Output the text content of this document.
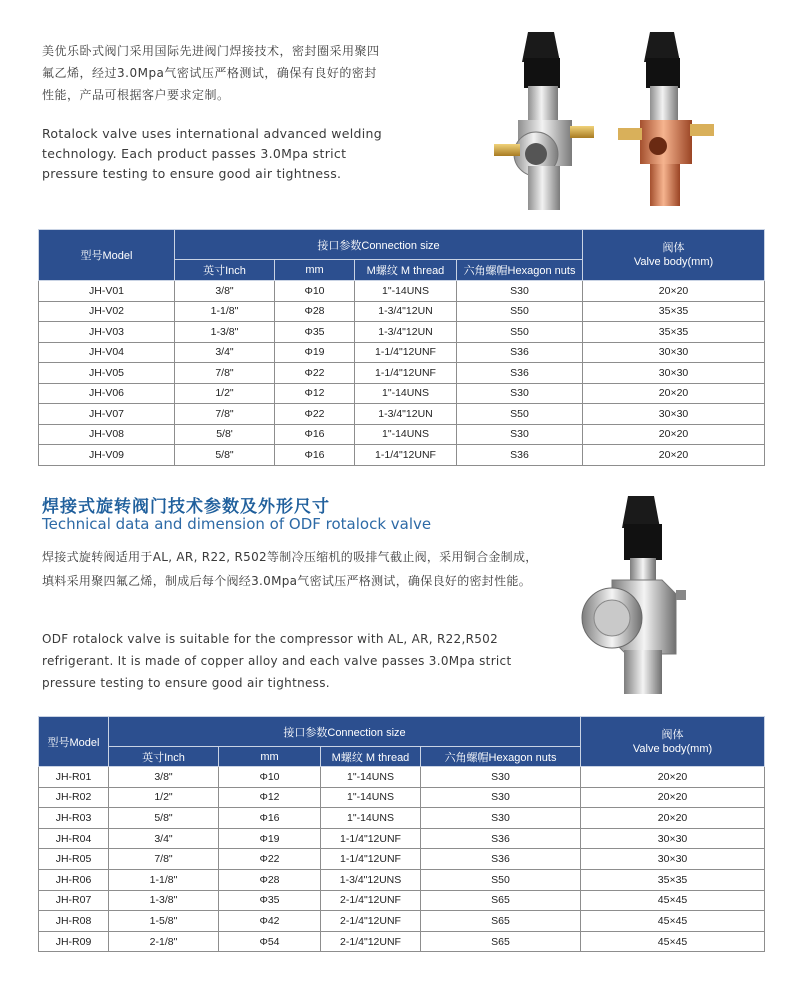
美优乐卧式阀门采用国际先进阀门焊接技术，密封圈采用聚四氟乙烯，经过3.0Mpa气密试压严格测试，确保有良好的密封性能，产品可根据客户要求定制。
Rotalock valve uses international advanced welding technology. Each product passes 3.0Mpa strict pressure testing to ensure good air tightness.
型号Model	接口参数Connection size				阀体
Valve body(mm)

	英寸Inch	mm	M螺纹 M thread	六角螺帽Hexagon nuts	
JH-V01	3/8"	Φ10	1"-14UNS	S30	20×20
JH-V02	1-1/8"	Φ28	1-3/4"12UN	S50	35×35
JH-V03	1-3/8"	Φ35	1-3/4"12UN	S50	35×35
JH-V04	3/4"	Φ19	1-1/4"12UNF	S36	30×30
JH-V05	7/8"	Φ22	1-1/4"12UNF	S36	30×30
JH-V06	1/2"	Φ12	1"-14UNS	S30	20×20
JH-V07	7/8"	Φ22	1-3/4"12UN	S50	30×30
JH-V08	5/8'	Φ16	1"-14UNS	S30	20×20
JH-V09	5/8"	Φ16	1-1/4"12UNF	S36	20×20
焊接式旋转阀门技术参数及外形尺寸
Technical data and dimension of ODF rotalock valve
焊接式旋转阀适用于AL, AR, R22, R502等制冷压缩机的吸排气截止阀，采用铜合金制成，填料采用聚四氟乙烯，制成后每个阀经3.0Mpa气密试压严格测试，确保良好的密封性能。
ODF rotalock valve is suitable for the compressor with AL, AR, R22,R502 refrigerant. It is made of copper alloy and each valve passes 3.0Mpa strict pressure testing to ensure good air tightness.
型号Model	接口参数Connection size				阀体
Valve body(mm)

	英寸Inch	mm	M螺纹 M thread	六角螺帽Hexagon nuts	
JH-R01	3/8"	Φ10	1"-14UNS	S30	20×20
JH-R02	1/2"	Φ12	1"-14UNS	S30	20×20
JH-R03	5/8"	Φ16	1"-14UNS	S30	20×20
JH-R04	3/4"	Φ19	1-1/4"12UNF	S36	30×30
JH-R05	7/8"	Φ22	1-1/4"12UNF	S36	30×30
JH-R06	1-1/8"	Φ28	1-3/4"12UNS	S50	35×35
JH-R07	1-3/8"	Φ35	2-1/4"12UNF	S65	45×45
JH-R08	1-5/8"	Φ42	2-1/4"12UNF	S65	45×45
JH-R09	2-1/8"	Φ54	2-1/4"12UNF	S65	45×45
